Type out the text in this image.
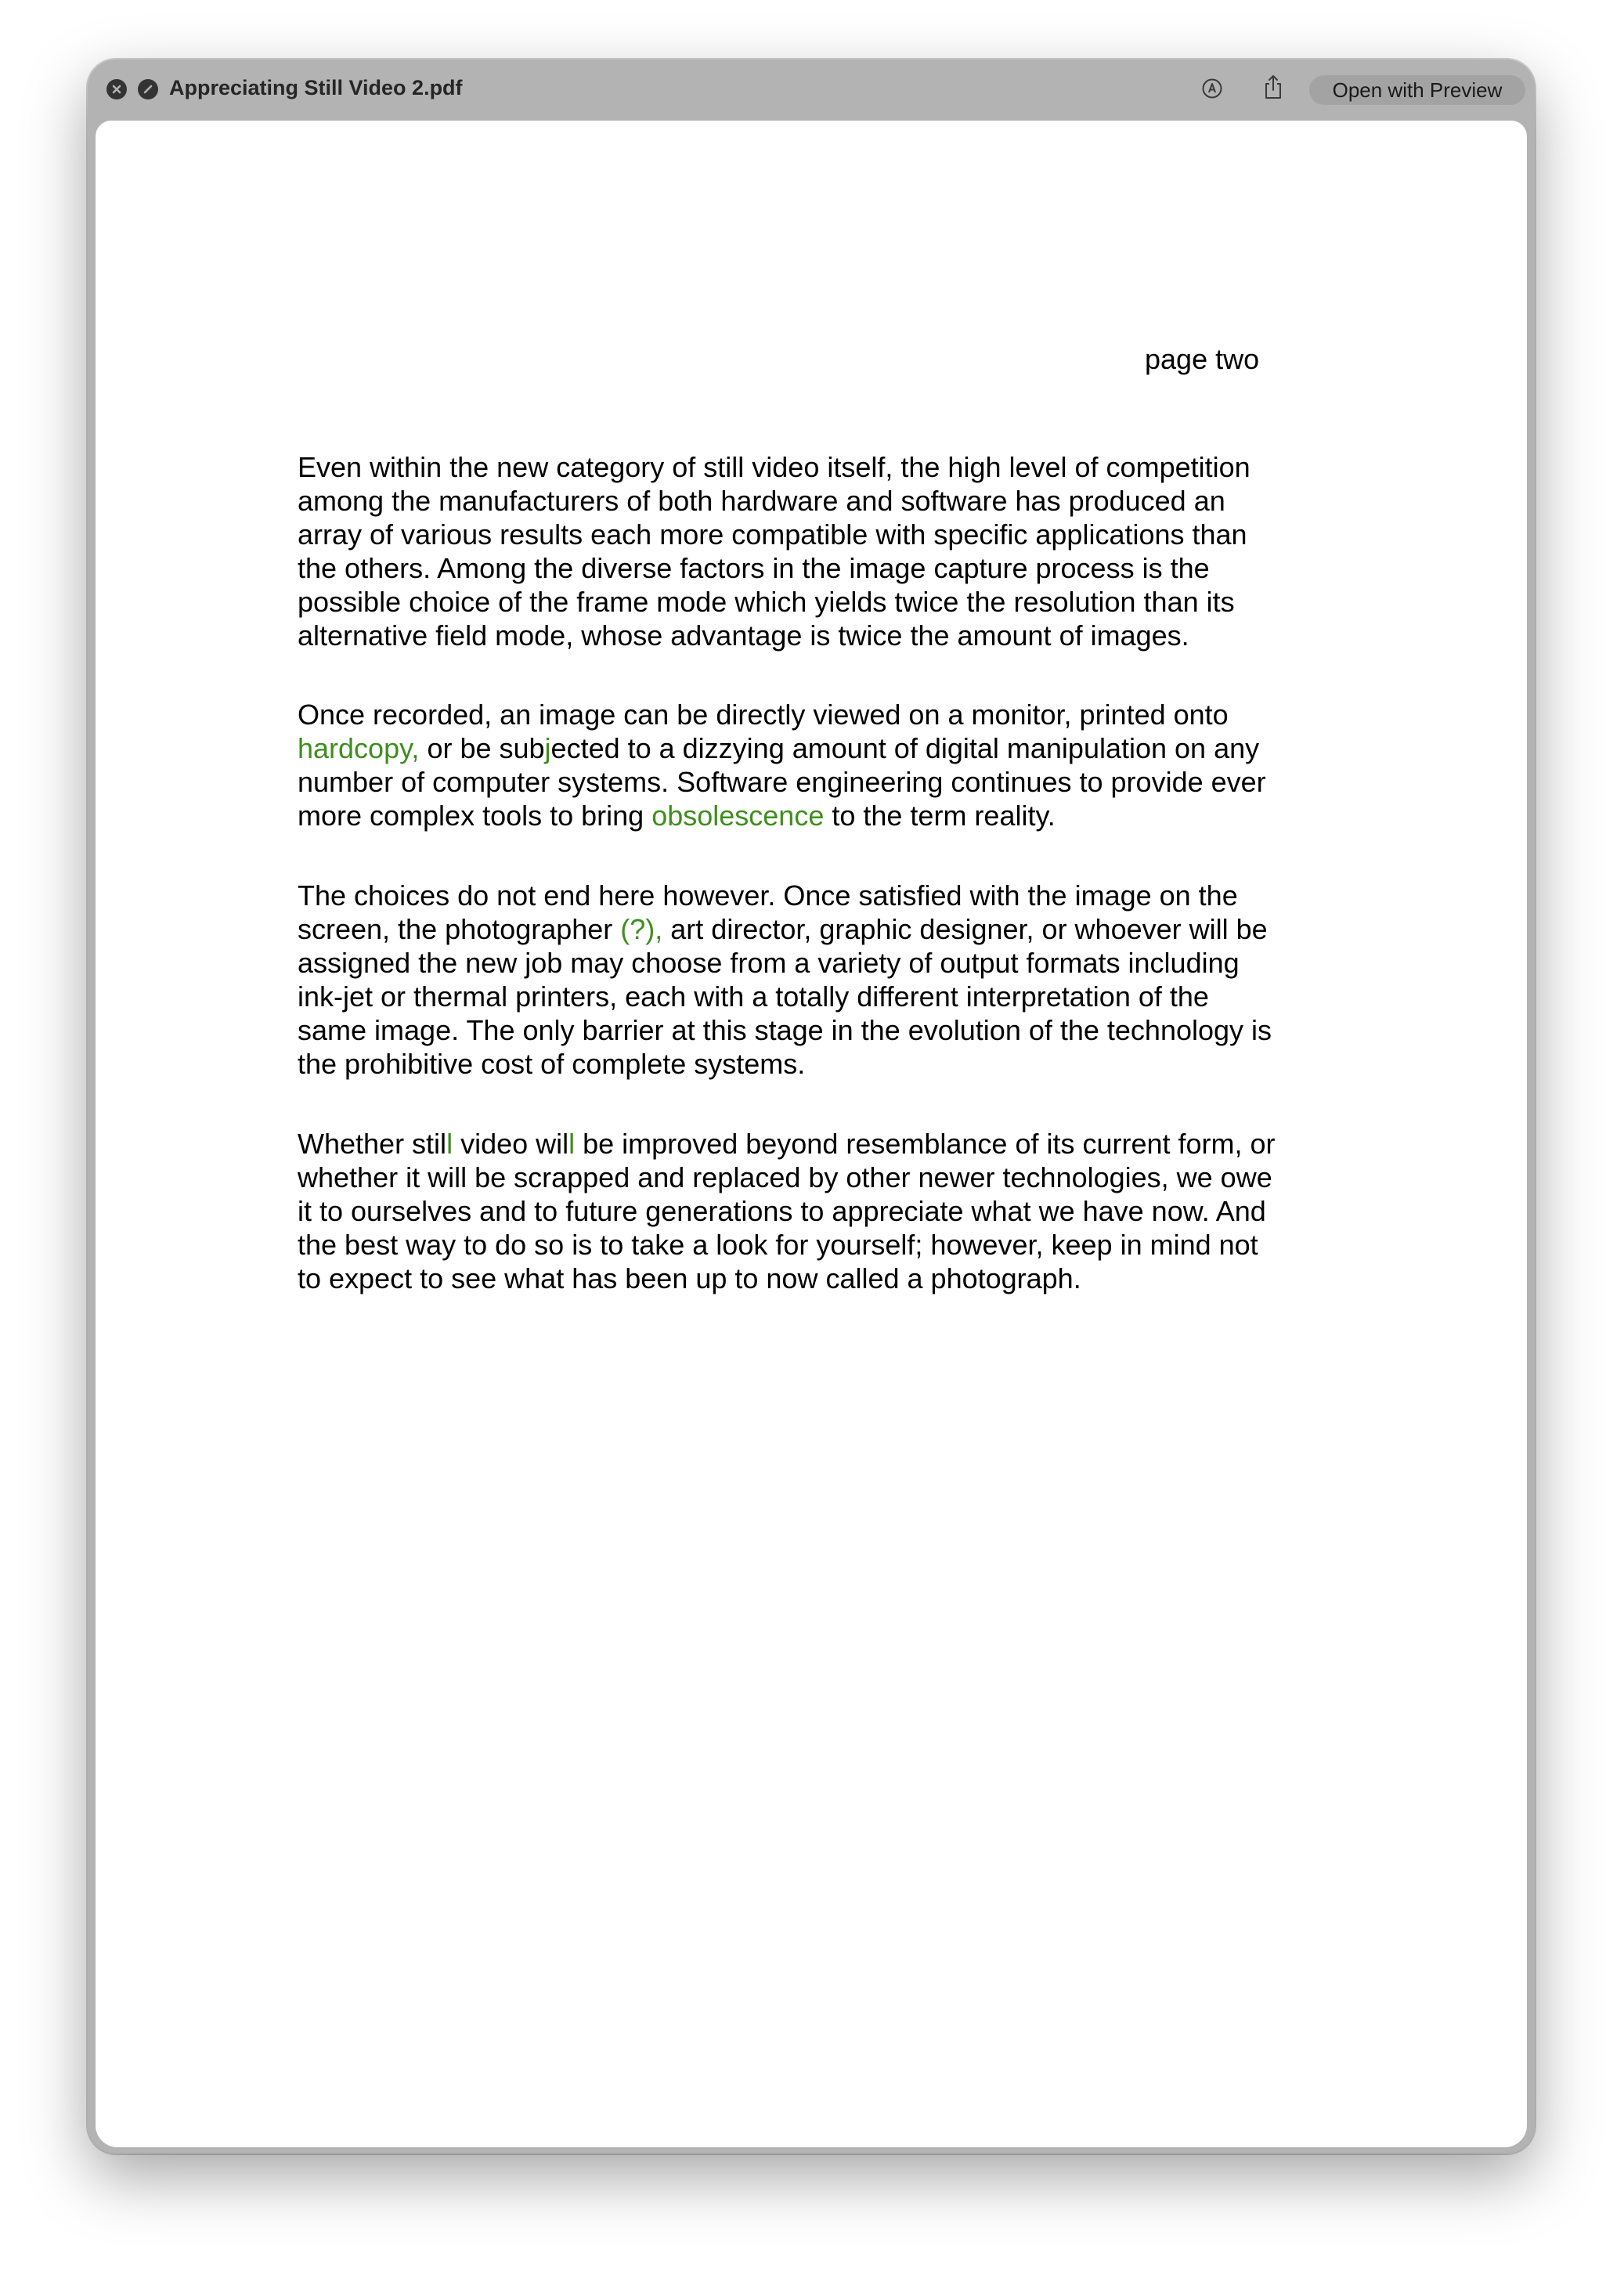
Appreciating Still Video 2.pdf	Open with Preview
page two

Even within the new category of still video itself, the high level of competition
among the manufacturers of both hardware and software has produced an
array of various results each more compatible with specific applications than
the others. Among the diverse factors in the image capture process is the
possible choice of the frame mode which yields twice the resolution than its
alternative field mode, whose advantage is twice the amount of images.

Once recorded, an image can be directly viewed on a monitor, printed onto
hardcopy, or be subjected to a dizzying amount of digital manipulation on any
number of computer systems. Software engineering continues to provide ever
more complex tools to bring obsolescence to the term reality.

The choices do not end here however. Once satisfied with the image on the
screen, the photographer (?), art director, graphic designer, or whoever will be
assigned the new job may choose from a variety of output formats including
ink-jet or thermal printers, each with a totally different interpretation of the
same image. The only barrier at this stage in the evolution of the technology is
the prohibitive cost of complete systems.

Whether still video will be improved beyond resemblance of its current form, or
whether it will be scrapped and replaced by other newer technologies, we owe
it to ourselves and to future generations to appreciate what we have now. And
the best way to do so is to take a look for yourself; however, keep in mind not
to expect to see what has been up to now called a photograph.
